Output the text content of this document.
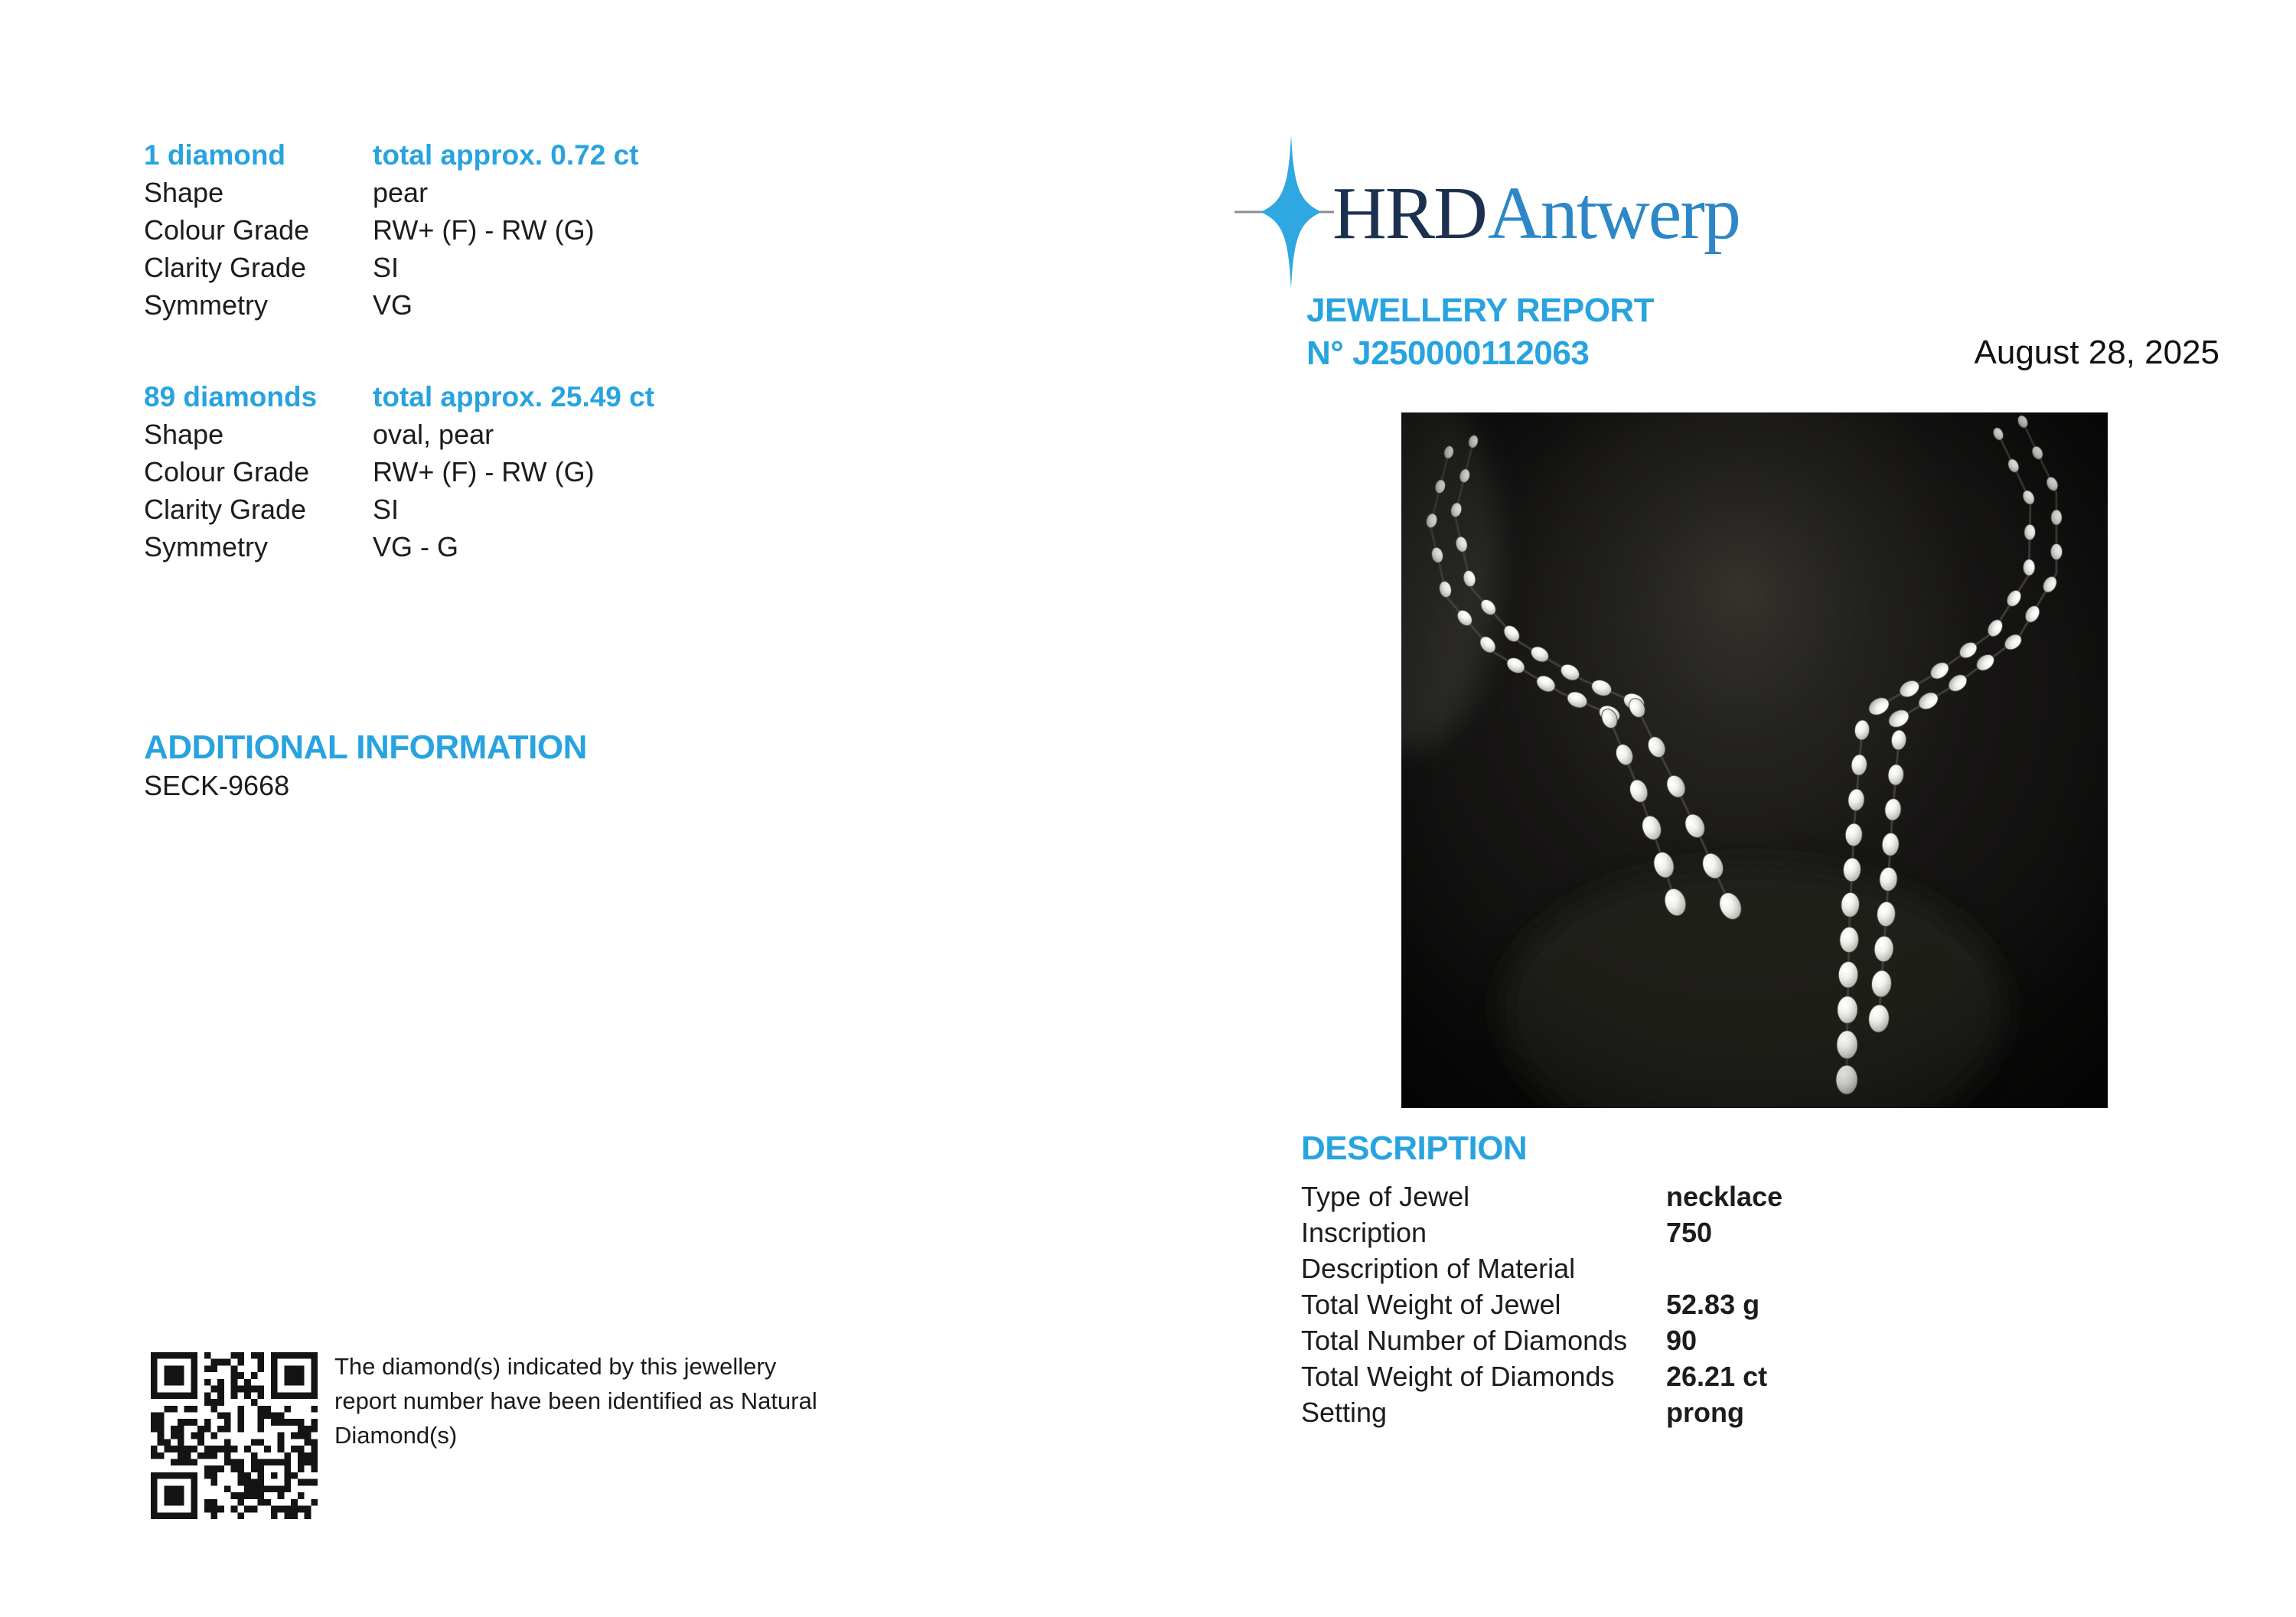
1 diamond	total approx. 0.72 ct
Shape	pear
Colour Grade	RW+ (F) - RW (G)
Clarity Grade	SI
Symmetry	VG
89 diamonds	total approx. 25.49 ct
Shape	oval, pear
Colour Grade	RW+ (F) - RW (G)
Clarity Grade	SI
Symmetry	VG - G
ADDITIONAL INFORMATION
SECK-9668
The diamond(s) indicated by this jewellery report number have been identified as Natural Diamond(s)
HRDAntwerp
JEWELLERY REPORT
N° J250000112063	August 28, 2025
DESCRIPTION
Type of Jewel	necklace
Inscription	750
Description of Material
Total Weight of Jewel	52.83 g
Total Number of Diamonds	90
Total Weight of Diamonds	26.21 ct
Setting	prong
